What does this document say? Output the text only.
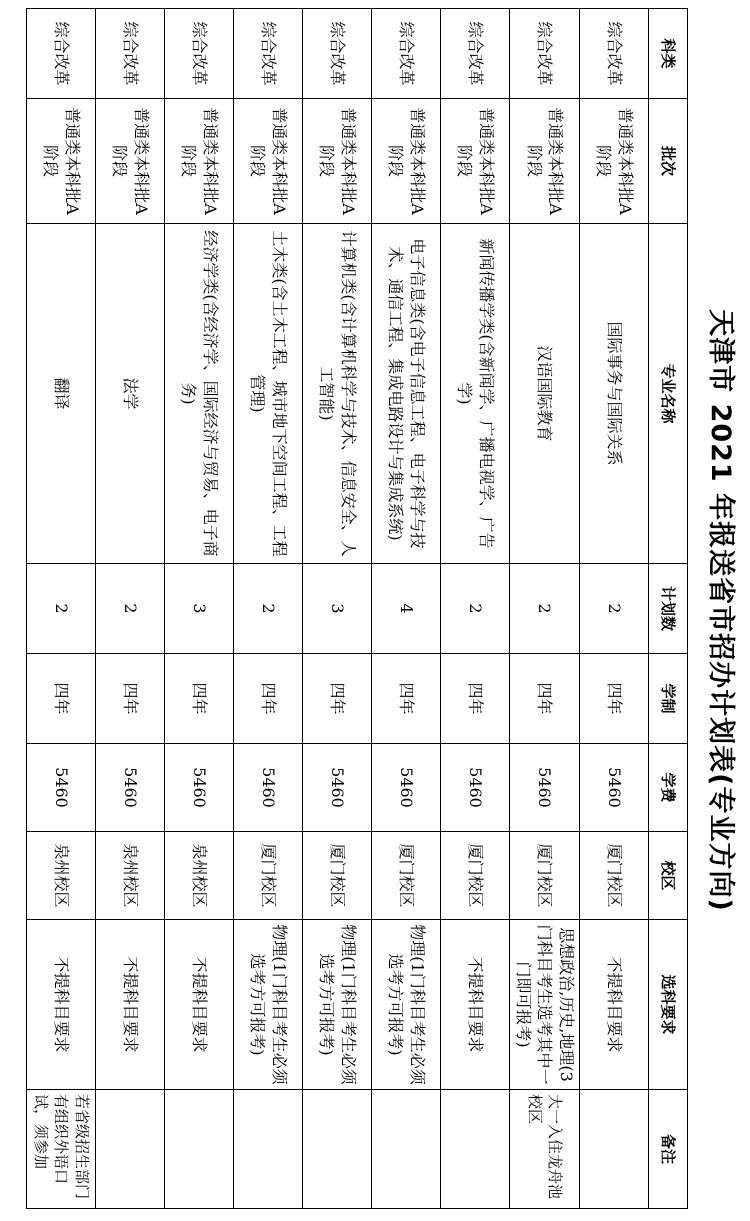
天津市 2021 年报送省市招办计划表(专业方向)
科类	批次	专业名称	计划数	学制	学费	校区	选科要求	备注
综合改革	普通类本科批A阶段	国际事务与国际关系	2	四年	5460	厦门校区	不提科目要求	
综合改革	普通类本科批A阶段	汉语国际教育	2	四年	5460	厦门校区	思想政治,历史,地理(3门科目考生选考其中一门即可报考)	大一入住龙舟池校区
综合改革	普通类本科批A阶段	新闻传播学类(含新闻学、广播电视学、广告学)	2	四年	5460	厦门校区	不提科目要求	
综合改革	普通类本科批A阶段	电子信息类(含电子信息工程、电子科学与技术、通信工程、集成电路设计与集成系统)	4	四年	5460	厦门校区	物理(1门科目考生必须选考方可报考)	
综合改革	普通类本科批A阶段	计算机类(含计算机科学与技术、信息安全、人工智能)	3	四年	5460	厦门校区	物理(1门科目考生必须选考方可报考)	
综合改革	普通类本科批A阶段	土木类(含土木工程、城市地下空间工程、工程管理)	2	四年	5460	厦门校区	物理(1门科目考生必须选考方可报考)	
综合改革	普通类本科批A阶段	经济学类(含经济学、国际经济与贸易、电子商务)	3	四年	5460	泉州校区	不提科目要求	
综合改革	普通类本科批A阶段	法学	2	四年	5460	泉州校区	不提科目要求	
综合改革	普通类本科批A阶段	翻译	2	四年	5460	泉州校区	不提科目要求	若省级招生部门有组织外语口试，须参加
